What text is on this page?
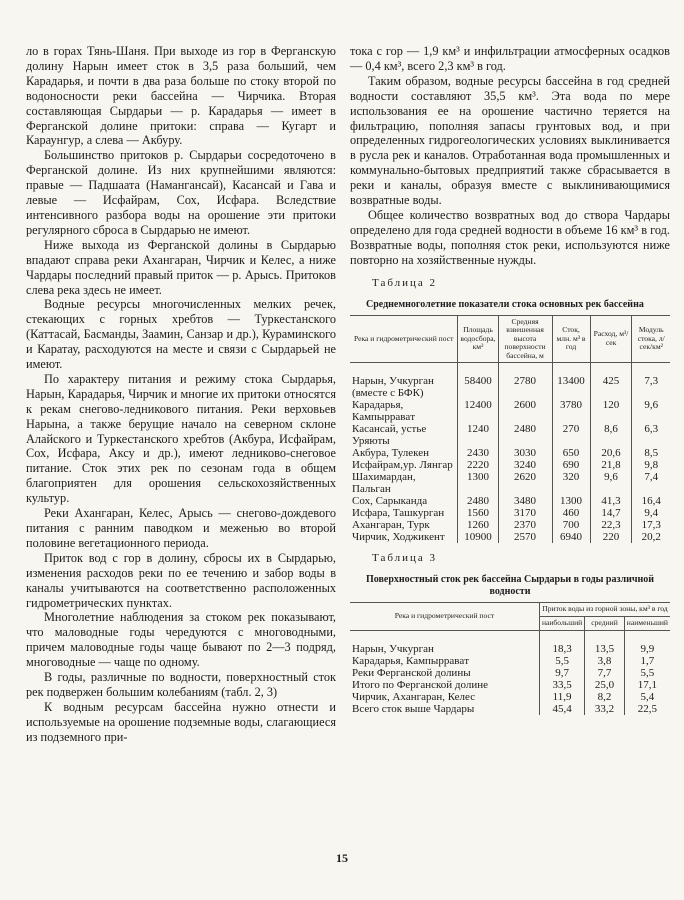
ло в горах Тянь-Шаня. При выходе из гор в Ферганскую долину Нарын имеет сток в 3,5 раза больший, чем Карадарья, и почти в два раза больше по стоку второй по водоносности реки бассейна — Чирчика. Вторая составляющая Сырдарьи — р. Карадарья — имеет в Ферганской долине притоки: справа — Кугарт и Караунгур, а слева — Акбуру.

Большинство притоков р. Сырдарьи сосредоточено в Ферганской долине. Из них крупнейшими являются: правые — Падшаата (Наманганcай), Касансай и Гава и левые — Исфайрам, Сох, Исфара. Вследствие интенсивного разбора воды на орошение эти притоки регулярного сброса в Сырдарью не имеют.

Ниже выхода из Ферганской долины в Сырдарью впадают справа реки Ахангаран, Чирчик и Келес, а ниже Чардары последний правый приток — р. Арысь. Притоков слева река здесь не имеет.

Водные ресурсы многочисленных мелких речек, стекающих с горных хребтов — Туркестанского (Каттасай, Басманды, Заамин, Санзар и др.), Кураминского и Каратау, расходуются на месте и связи с Сырдарьей не имеют.

По характеру питания и режиму стока Сырдарья, Нарын, Карадарья, Чирчик и многие их притоки относятся к рекам снегово-ледникового питания. Реки верховьев Нарына, а также берущие начало на северном склоне Алайского и Туркестанского хребтов (Акбура, Исфайрам, Сох, Исфара, Аксу и др.), имеют ледниково-снеговое питание. Сток этих рек по сезонам года в общем благоприятен для орошения сельскохозяйственных культур.

Реки Ахангаран, Келес, Арысь — снегово-дождевого питания с ранним паводком и меженью во второй половине вегетационного периода.

Приток вод с гор в долину, сбросы их в Сырдарью, изменения расходов реки по ее течению и забор воды в каналы учитываются на соответственно расположенных гидрометрических пунктах.

Многолетние наблюдения за стоком рек показывают, что маловодные годы чередуются с многоводными, причем маловодные годы чаще бывают по 2—3 подряд, многоводные — чаще по одному.

В годы, различные по водности, поверхностный сток рек подвержен большим колебаниям (табл. 2, 3)

К водным ресурсам бассейна нужно отнести и используемые на орошение подземные воды, слагающиеся из подземного при-

тока с гор — 1,9 км³ и инфильтрации атмосферных осадков — 0,4 км³, всего 2,3 км³ в год.

Таким образом, водные ресурсы бассейна в год средней водности составляют 35,5 км³. Эта вода по мере использования ее на орошение частично теряется на фильтрацию, пополняя запасы грунтовых вод, и при определенных гидрогеологических условиях выклинивается в русла рек и каналов. Отработанная вода промышленных и коммунально-бытовых предприятий также сбрасывается в реки и каналы, образуя вместе с выклинивающимися возвратные воды.

Общее количество возвратных вод до створа Чардары определено для года средней водности в объеме 16 км³ в год. Возвратные воды, пополняя сток реки, используются ниже повторно на хозяйственные нужды.

Таблица 2
Среднемноголетние показатели стока основных рек бассейна
Река и гидрометрический пост	Площадь водосбора, км²	Средняя взвешенная высота поверхности бассейна, м	Сток, млн. м³ в год	Расход, м³/сек	Модуль стока, л/сек/км²
Нарын, Учкурган (вместе с БФК)	58400	2780	13400	425	7,3
Карадарья, Кампырравaт	12400	2600	3780	120	9,6
Касансай, устье Уряюты	1240	2480	270	8,6	6,3
Акбура, Тулекен	2430	3030	650	20,6	8,5
Исфайрам,ур. Лянгар	2220	3240	690	21,8	9,8
Шахимардан, Пальган	1300	2620	320	9,6	7,4
Сох, Сарыканда	2480	3480	1300	41,3	16,4
Исфара, Ташкурган	1560	3170	460	14,7	9,4
Ахангаран, Турк	1260	2370	700	22,3	17,3
Чирчик, Ходжикент	10900	2570	6940	220	20,2
Таблица 3
Поверхностный сток рек бассейна Сырдарьи в годы различной водности
Река и гидрометрический пост	Приток воды из горной зоны, км³ в год		
	наибольший	средний	наименьший
Нарын, Учкурган	18,3	13,5	9,9
Карадарья, Кампырравaт	5,5	3,8	1,7
Реки Ферганской долины	9,7	7,7	5,5
Итого по Ферганской долине	33,5	25,0	17,1
Чирчик, Ахангаран, Келес	11,9	8,2	5,4
Всего сток выше Чардары	45,4	33,2	22,5
15
